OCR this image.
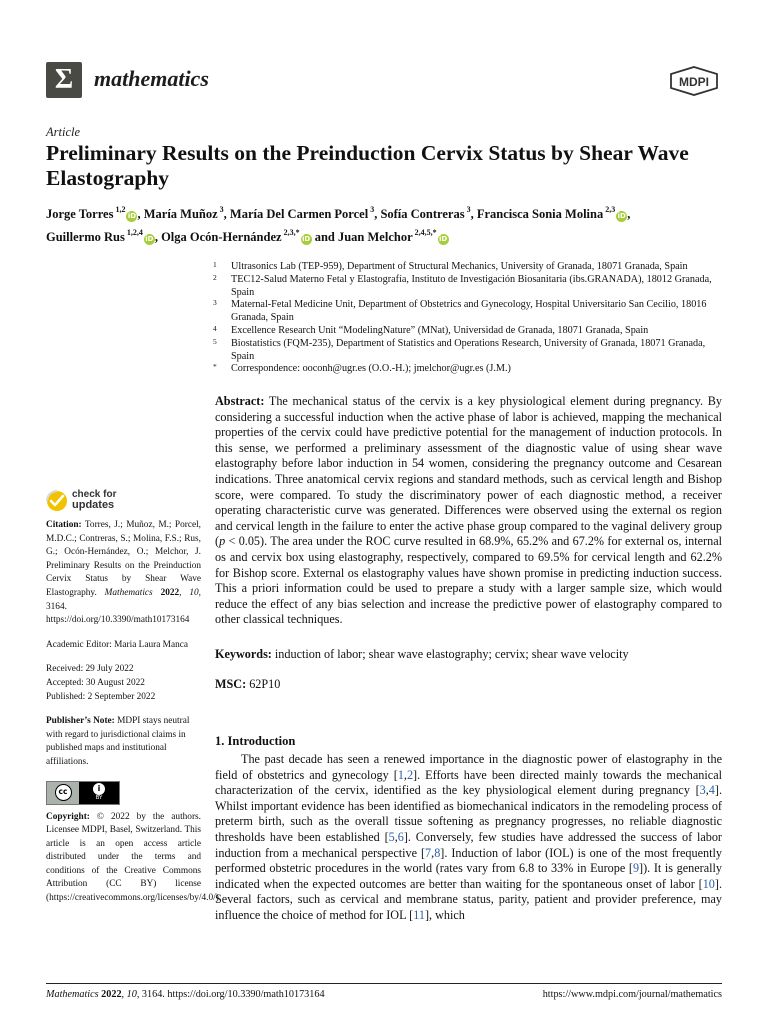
Σ mathematics	MDPI
Article
Preliminary Results on the Preinduction Cervix Status by Shear Wave Elastography
Jorge Torres $^{1,2}$iD, María Muñoz $^3$, María Del Carmen Porcel $^3$, Sofía Contreras $^3$, Francisca Sonia Molina $^{2,3}$iD,
Guillermo Rus $^{1,2,4}$iD, Olga Ocón-Hernández $^{2,3,*}$iD and Juan Melchor $^{2,4,5,*}$iD
1 Ultrasonics Lab (TEP-959), Department of Structural Mechanics, University of Granada, 18071 Granada, Spain
2 TEC12-Salud Materno Fetal y Elastografía, Instituto de Investigación Biosanitaria (ibs.GRANADA), 18012 Granada, Spain
3 Maternal-Fetal Medicine Unit, Department of Obstetrics and Gynecology, Hospital Universitario San Cecilio, 18016 Granada, Spain
4 Excellence Research Unit “ModelingNature” (MNat), Universidad de Granada, 18071 Granada, Spain
5 Biostatistics (FQM-235), Department of Statistics and Operations Research, University of Granada, 18071 Granada, Spain
* Correspondence: ooconh@ugr.es (O.O.-H.); jmelchor@ugr.es (J.M.)
check for
updates
Citation: Torres, J.; Muñoz, M.; Porcel, M.D.C.; Contreras, S.; Molina, F.S.; Rus, G.; Ocón-Hernández, O.; Melchor, J. Preliminary Results on the Preinduction Cervix Status by Shear Wave Elastography. Mathematics 2022, 10, 3164. https://doi.org/10.3390/math10173164
Academic Editor: Maria Laura Manca
Received: 29 July 2022
Accepted: 30 August 2022
Published: 2 September 2022
Publisher’s Note: MDPI stays neutral with regard to jurisdictional claims in published maps and institutional affiliations.
cc	i
BY
Copyright: © 2022 by the authors. Licensee MDPI, Basel, Switzerland. This article is an open access article distributed under the terms and conditions of the Creative Commons Attribution (CC BY) license (https://creativecommons.org/licenses/by/4.0/).
Abstract: The mechanical status of the cervix is a key physiological element during pregnancy. By considering a successful induction when the active phase of labor is achieved, mapping the mechanical properties of the cervix could have predictive potential for the management of induction protocols. In this sense, we performed a preliminary assessment of the diagnostic value of using shear wave elastography before labor induction in 54 women, considering the pregnancy outcome and Cesarean indications. Three anatomical cervix regions and standard methods, such as cervical length and Bishop score, were compared. To study the discriminatory power of each diagnostic method, a receiver operating characteristic curve was generated. Differences were observed using the external os region and cervical length in the failure to enter the active phase group compared to the vaginal delivery group (p < 0.05). The area under the ROC curve resulted in 68.9%, 65.2% and 67.2% for external os, internal os and cervix box using elastography, respectively, compared to 69.5% for cervical length and 62.2% for Bishop score. External os elastography values have shown promise in predicting induction success. This a priori information could be used to prepare a study with a larger sample size, which would reduce the effect of any bias selection and increase the predictive power of elastography compared to other classical techniques.
Keywords: induction of labor; shear wave elastography; cervix; shear wave velocity
MSC: 62P10
1. Introduction

The past decade has seen a renewed importance in the diagnostic power of elastography in the field of obstetrics and gynecology [1,2]. Efforts have been directed mainly towards the mechanical characterization of the cervix, identified as the key physiological element during pregnancy [3,4]. Whilst important evidence has been identified as biomechanical indicators in the remodeling process of preterm birth, such as the overall tissue softening as pregnancy progresses, no reliable diagnostic thresholds have been established [5,6]. Conversely, few studies have addressed the success of labor induction from a mechanical perspective [7,8]. Induction of labor (IOL) is one of the most frequently performed obstetric procedures in the world (rates vary from 6.8 to 33% in Europe [9]). It is generally indicated when the expected outcomes are better than waiting for the spontaneous onset of labor [10]. Several factors, such as cervical and membrane status, parity, patient and provider preference, may influence the choice of method for IOL [11], which

Mathematics 2022, 10, 3164. https://doi.org/10.3390/math10173164	https://www.mdpi.com/journal/mathematics
